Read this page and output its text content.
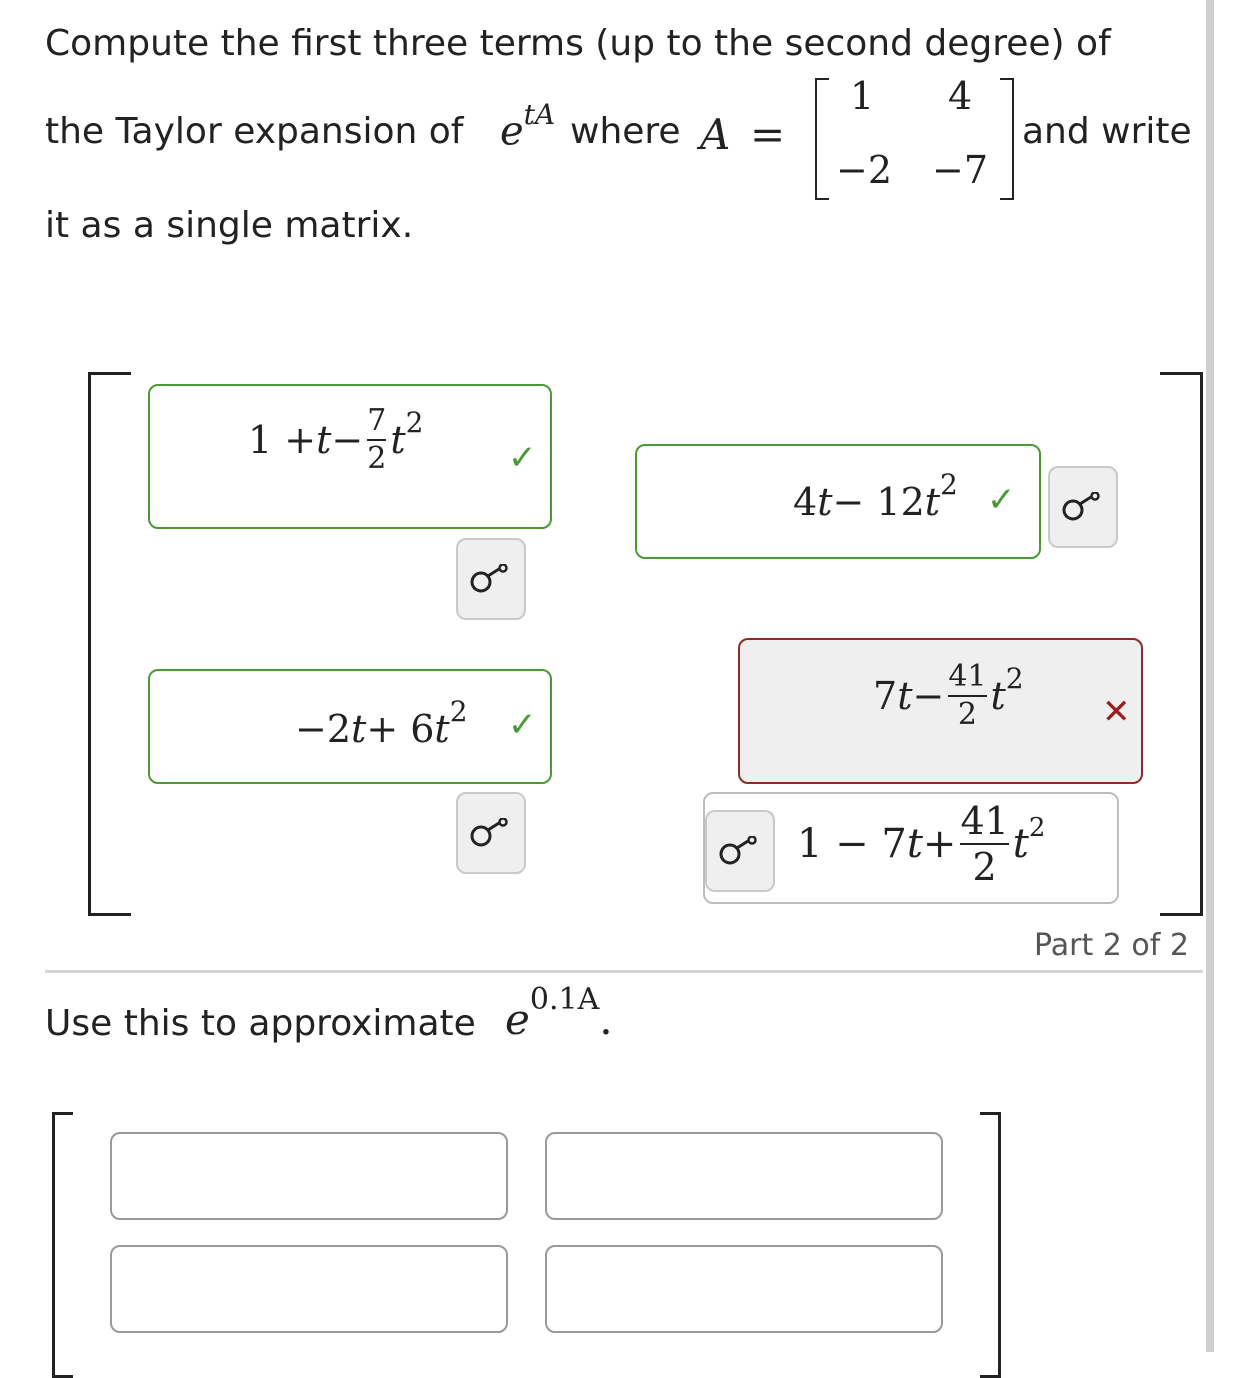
Compute the first three terms (up to the second degree) of
the Taylor expansion of $e^{tA}$ where A =
1 4
−2 −7
and write
it as a single matrix.
$1 + t - \frac{7}{2} t^2$
✓
4 t − 12 $t^2$ ✓
−2 t + 6 $t^2$ ✓
7 $t - \frac{41}{2} t^2$
✕
1 − 7 $t + \frac{41}{2} t^2$
Part 2 of 2
Use this to approximate $e^{0.1A}$.
